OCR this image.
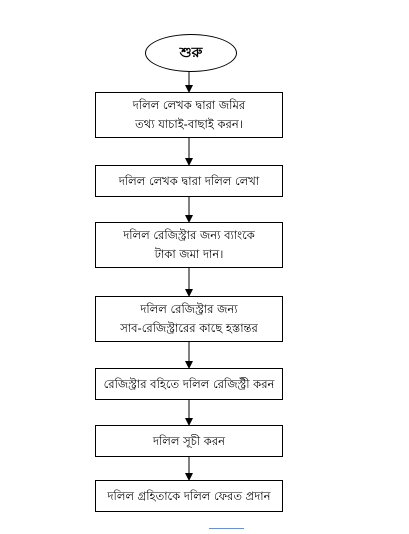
শুরু
দলিল লেখক দ্বারা জমির
তথ্য যাচাই-বাছাই করন।
দলিল লেখক দ্বারা দলিল লেখা
দলিল রেজিস্ট্রার জন্য ব্যাংকে
টাকা জমা দান।
দলিল রেজিস্ট্রার জন্য
সাব-রেজিস্ট্রারের কাছে হস্তান্তর
রেজিস্ট্রার বহিতে দলিল রেজিস্ট্রী করন
দলিল সূচী করন
দলিল গ্রহিতাকে দলিল ফেরত প্রদান
